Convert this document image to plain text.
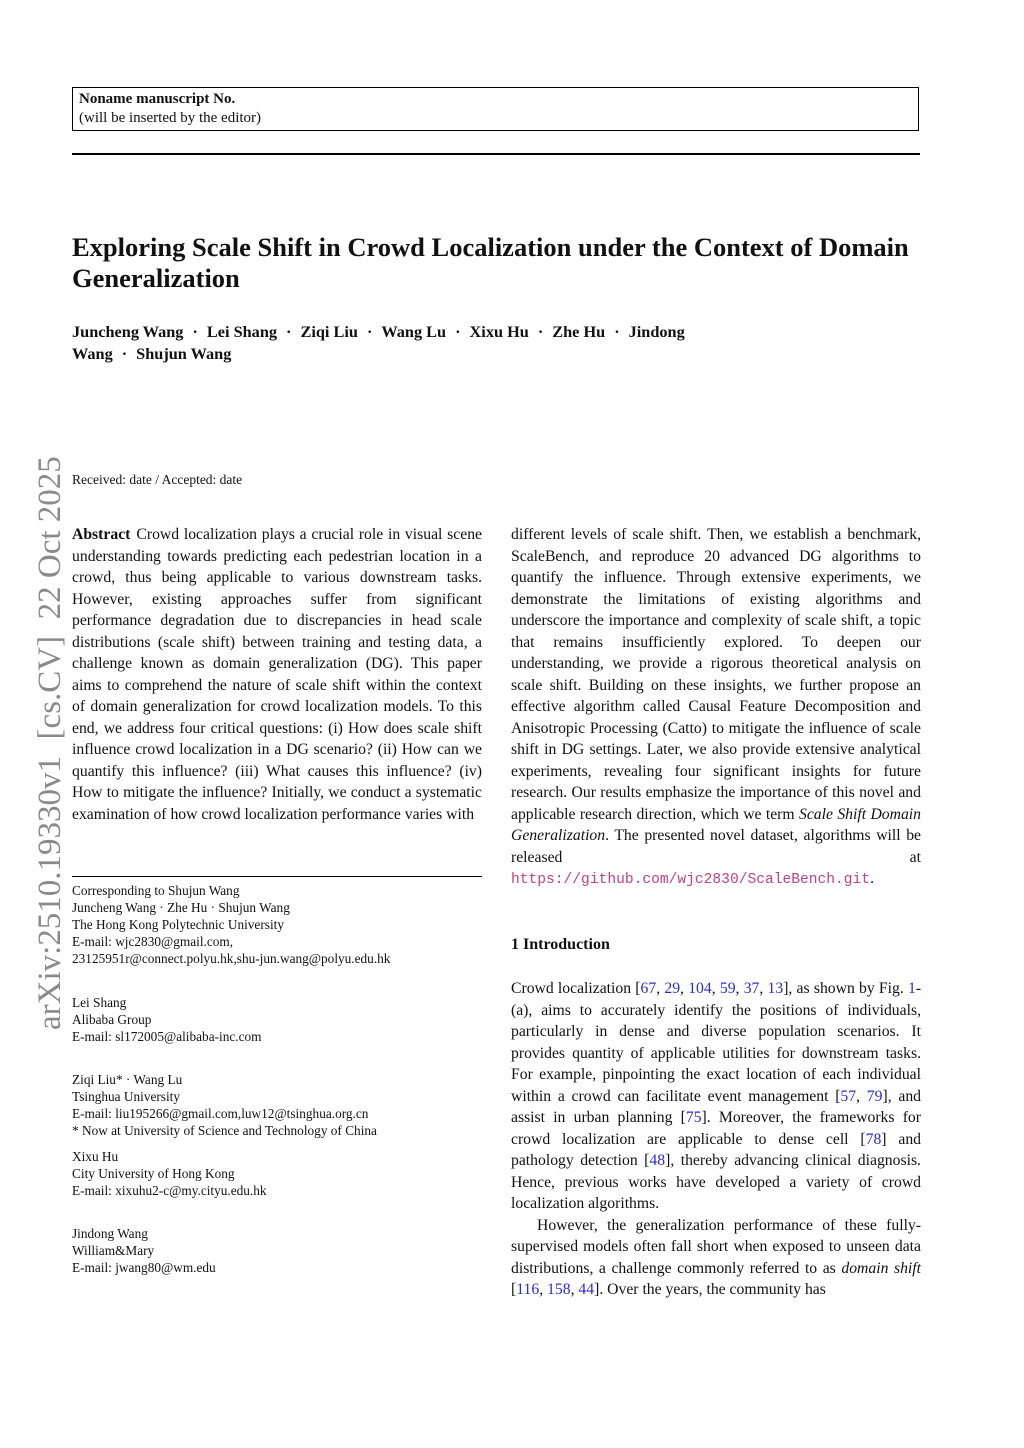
Noname manuscript No.
(will be inserted by the editor)
Exploring Scale Shift in Crowd Localization under the Context of Domain Generalization
Juncheng Wang · Lei Shang · Ziqi Liu · Wang Lu · Xixu Hu · Zhe Hu · Jindong Wang · Shujun Wang
arXiv:2510.19330v1  [cs.CV]  22 Oct 2025 Received: date / Accepted: date

Abstract Crowd localization plays a crucial role in visual scene understanding towards predicting each pedestrian location in a crowd, thus being applicable to various downstream tasks. However, existing approaches suffer from significant performance degradation due to discrepancies in head scale distributions (scale shift) between training and testing data, a challenge known as domain generalization (DG). This paper aims to comprehend the nature of scale shift within the context of domain generalization for crowd localization models. To this end, we address four critical questions: (i) How does scale shift influence crowd localization in a DG scenario? (ii) How can we quantify this influence? (iii) What causes this influence? (iv) How to mitigate the influence? Initially, we conduct a systematic examination of how crowd localization performance varies with

different levels of scale shift. Then, we establish a benchmark, ScaleBench, and reproduce 20 advanced DG algorithms to quantify the influence. Through extensive experiments, we demonstrate the limitations of existing algorithms and underscore the importance and complexity of scale shift, a topic that remains insufficiently explored. To deepen our understanding, we provide a rigorous theoretical analysis on scale shift. Building on these insights, we further propose an effective algorithm called Causal Feature Decomposition and Anisotropic Processing (Catto) to mitigate the influence of scale shift in DG settings. Later, we also provide extensive analytical experiments, revealing four significant insights for future research. Our results emphasize the importance of this novel and applicable research direction, which we term Scale Shift Domain Generalization. The presented novel dataset, algorithms will be released at https://github.com/wjc2830/ScaleBench.git.

Corresponding to Shujun Wang
Juncheng Wang · Zhe Hu · Shujun Wang
The Hong Kong Polytechnic University
E-mail: wjc2830@gmail.com,
23125951r@connect.polyu.hk,shu-jun.wang@polyu.edu.hk
Lei Shang
Alibaba Group
E-mail: sl172005@alibaba-inc.com
Ziqi Liu* · Wang Lu
Tsinghua University
E-mail: liu195266@gmail.com,luw12@tsinghua.org.cn
* Now at University of Science and Technology of China
Xixu Hu
City University of Hong Kong
E-mail: xixuhu2-c@my.cityu.edu.hk
Jindong Wang
William&Mary
E-mail: jwang80@wm.edu
1 Introduction

Crowd localization [67, 29, 104, 59, 37, 13], as shown by Fig. 1-(a), aims to accurately identify the positions of individuals, particularly in dense and diverse population scenarios. It provides quantity of applicable utilities for downstream tasks. For example, pinpointing the exact location of each individual within a crowd can facilitate event management [57, 79], and assist in urban planning [75]. Moreover, the frameworks for crowd localization are applicable to dense cell [78] and pathology detection [48], thereby advancing clinical diagnosis. Hence, previous works have developed a variety of crowd localization algorithms.

However, the generalization performance of these fully-supervised models often fall short when exposed to unseen data distributions, a challenge commonly referred to as domain shift [116, 158, 44]. Over the years, the community has
